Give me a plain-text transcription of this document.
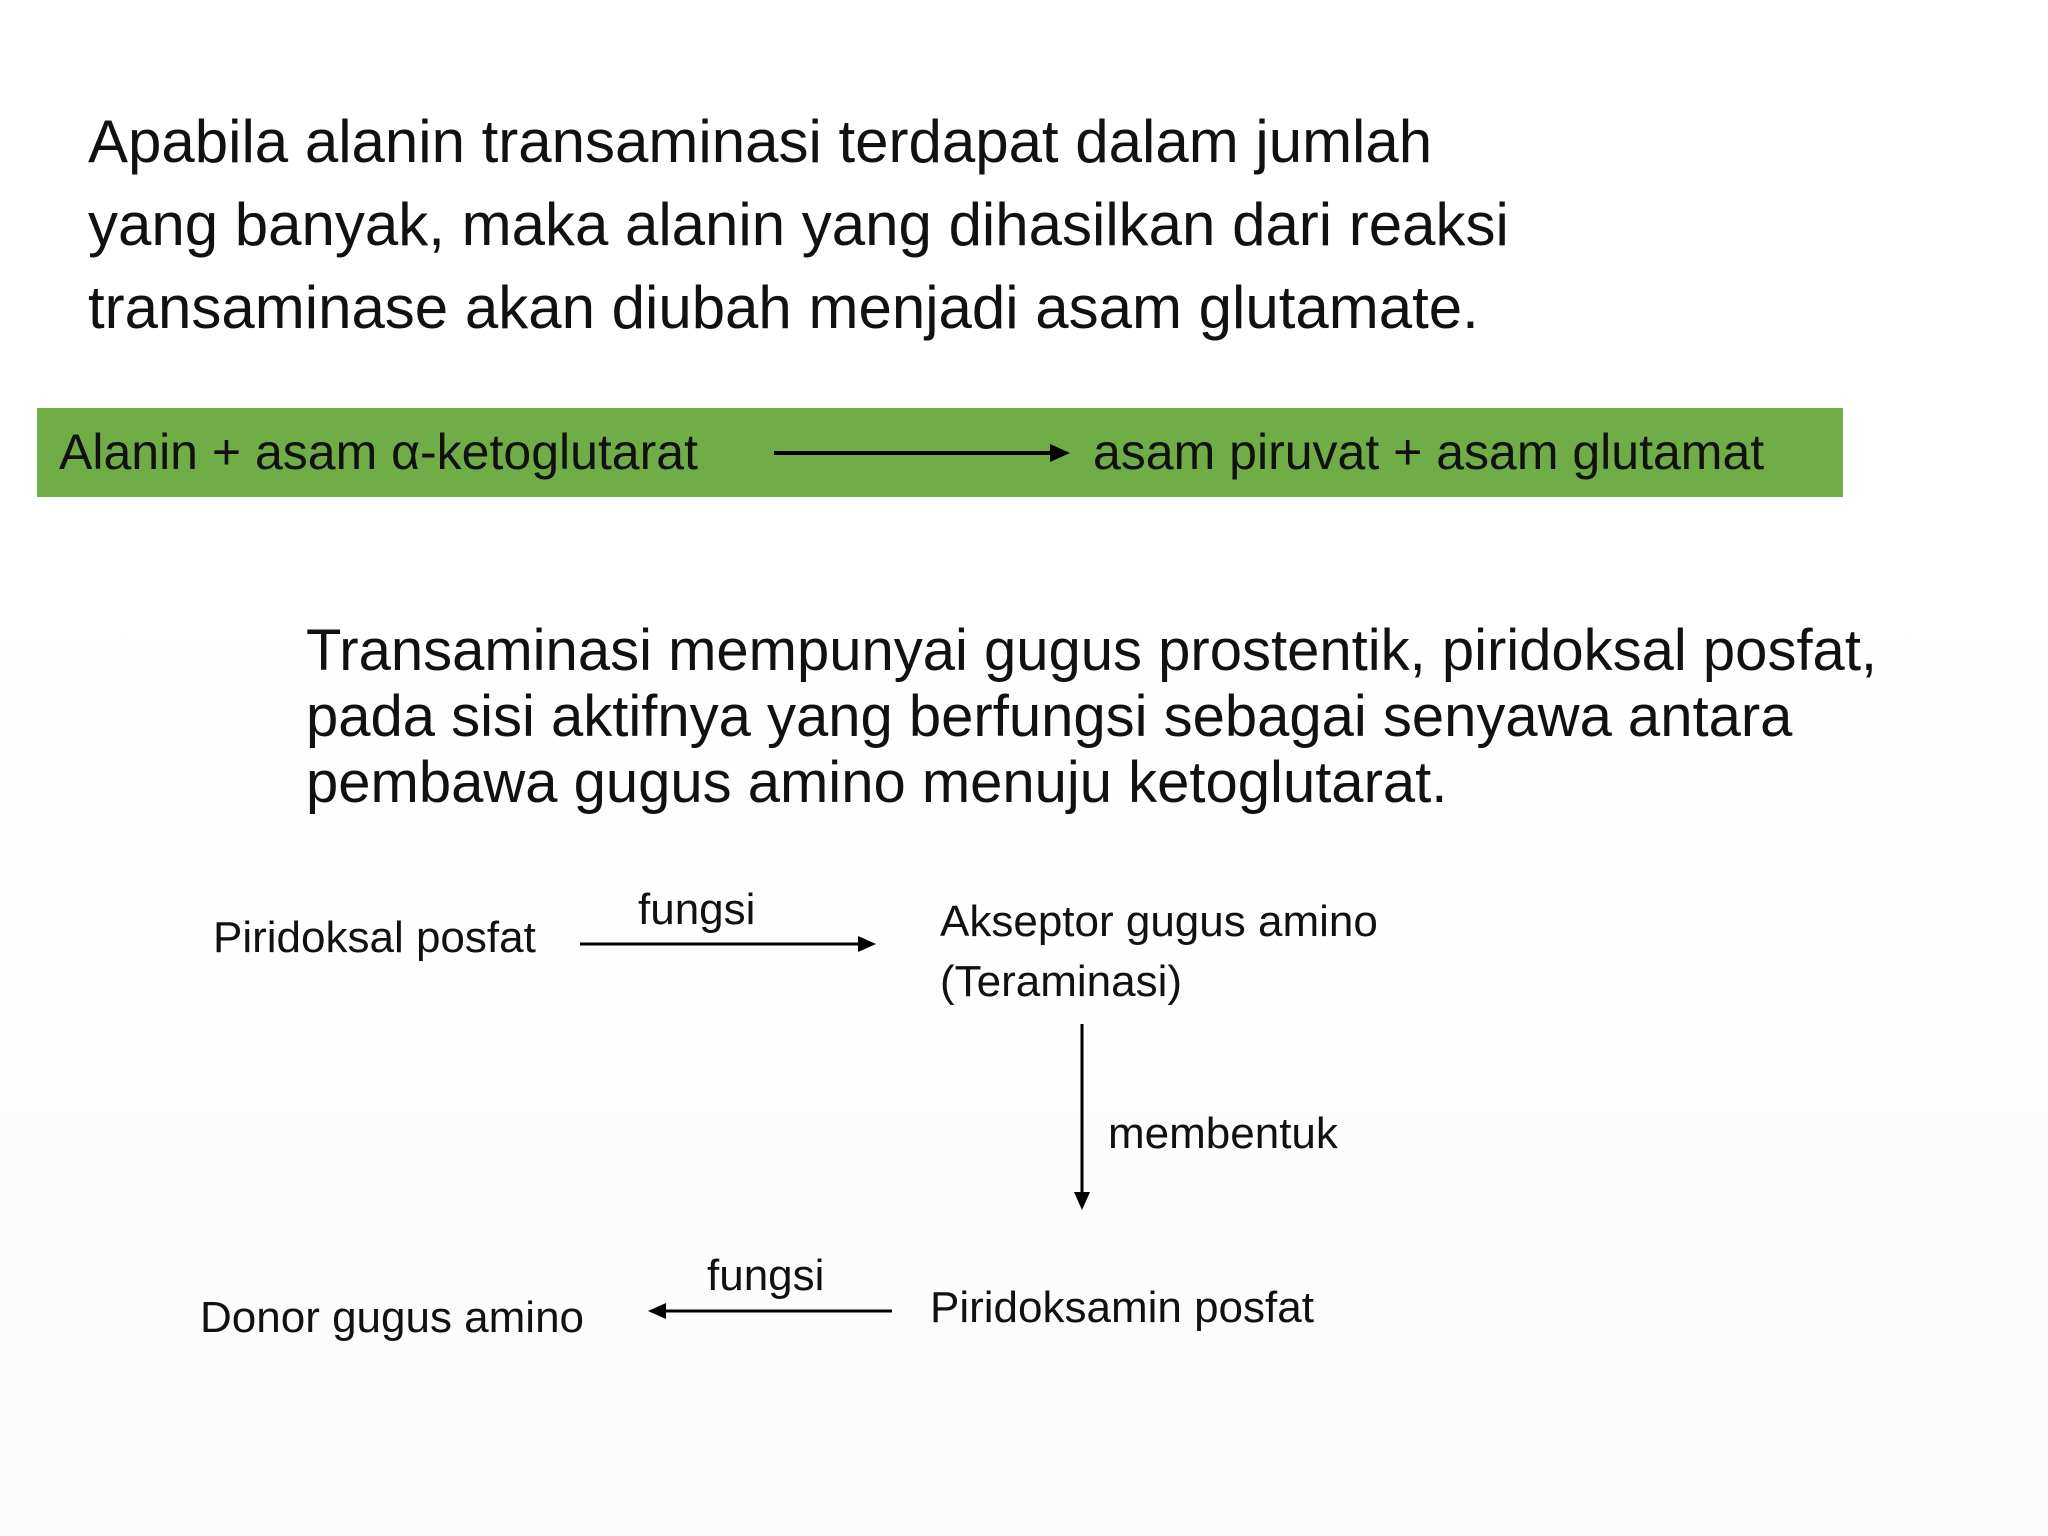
Apabila alanin transaminasi terdapat dalam jumlah
yang banyak, maka alanin yang dihasilkan dari reaksi
transaminase akan diubah menjadi asam glutamate.

Alanin + asam α-ketoglutarat	asam piruvat + asam glutamat

Transaminasi mempunyai gugus prostentik, piridoksal posfat,
pada sisi aktifnya yang berfungsi sebagai senyawa antara
pembawa gugus amino menuju ketoglutarat.

Piridoksal posfat	Akseptor gugus amino
(Teraminasi)
Piridoksamin posfat
Donor gugus amino
fungsi
membentuk
fungsi
